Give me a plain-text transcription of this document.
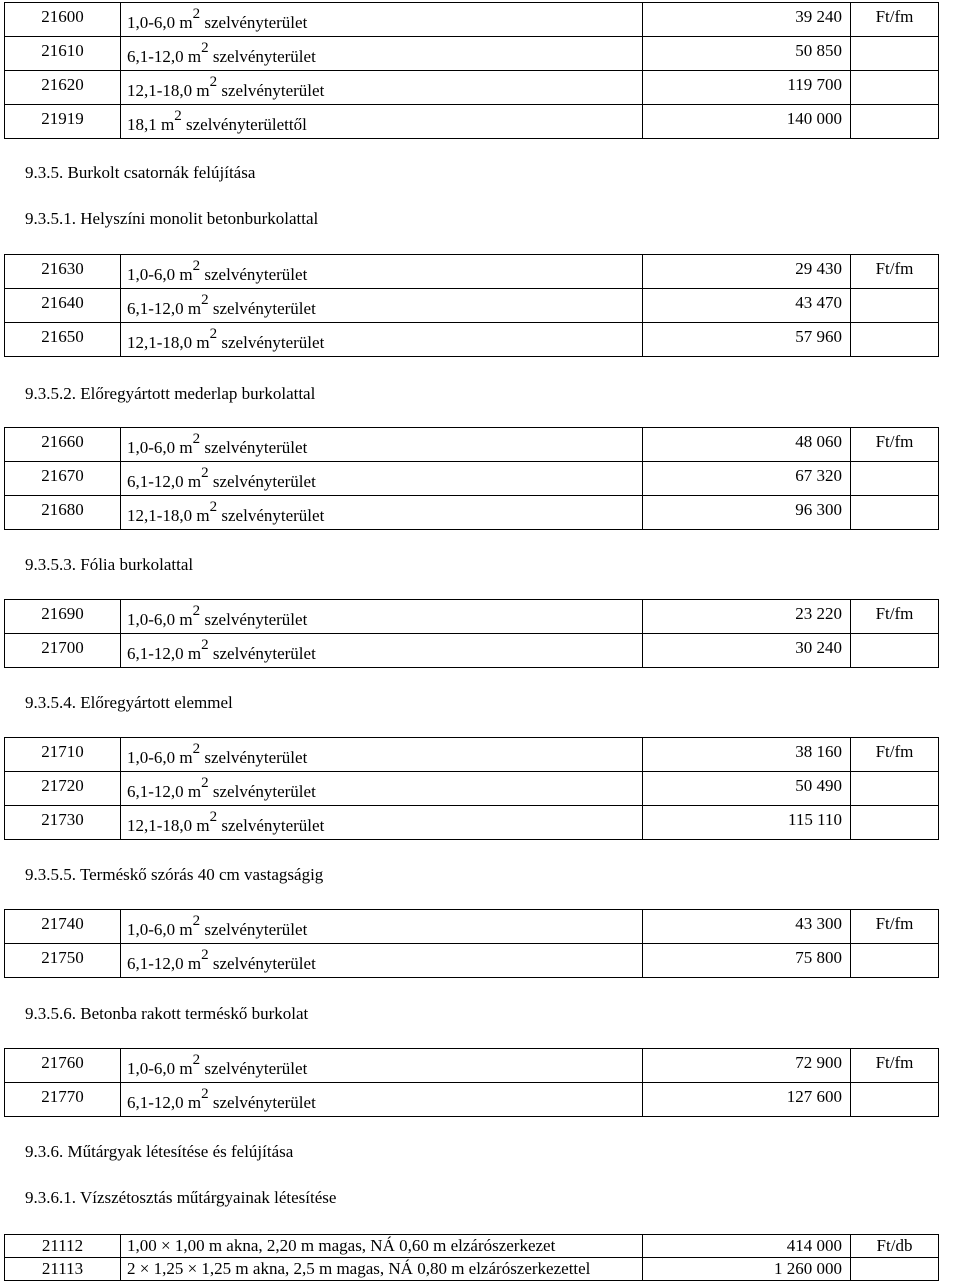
21600	1,0-6,0 $m^2$ szelvényterület	39 240	Ft/fm

21610	6,1-12,0 $m^2$ szelvényterület	50 850	

21620	12,1-18,0 $m^2$ szelvényterület	119 700	

21919	18,1 $m^2$ szelvényterülettől	140 000	

9.3.5. Burkolt csatornák felújítása
9.3.5.1. Helyszíni monolit betonburkolattal
21630	1,0-6,0 $m^2$ szelvényterület	29 430	Ft/fm

21640	6,1-12,0 $m^2$ szelvényterület	43 470	

21650	12,1-18,0 $m^2$ szelvényterület	57 960	

9.3.5.2. Előregyártott mederlap burkolattal
21660	1,0-6,0 $m^2$ szelvényterület	48 060	Ft/fm

21670	6,1-12,0 $m^2$ szelvényterület	67 320	

21680	12,1-18,0 $m^2$ szelvényterület	96 300	

9.3.5.3. Fólia burkolattal
21690	1,0-6,0 $m^2$ szelvényterület	23 220	Ft/fm

21700	6,1-12,0 $m^2$ szelvényterület	30 240	

9.3.5.4. Előregyártott elemmel
21710	1,0-6,0 $m^2$ szelvényterület	38 160	Ft/fm

21720	6,1-12,0 $m^2$ szelvényterület	50 490	

21730	12,1-18,0 $m^2$ szelvényterület	115 110	

9.3.5.5. Terméskő szórás 40 cm vastagságig
21740	1,0-6,0 $m^2$ szelvényterület	43 300	Ft/fm

21750	6,1-12,0 $m^2$ szelvényterület	75 800	

9.3.5.6. Betonba rakott terméskő burkolat
21760	1,0-6,0 $m^2$ szelvényterület	72 900	Ft/fm

21770	6,1-12,0 $m^2$ szelvényterület	127 600	

9.3.6. Műtárgyak létesítése és felújítása
9.3.6.1. Vízszétosztás műtárgyainak létesítése
21112	1,00 × 1,00 m akna, 2,20 m magas, NÁ 0,60 m elzárószerkezet	414 000	Ft/db

21113	2 × 1,25 × 1,25 m akna, 2,5 m magas, NÁ 0,80 m elzárószerkezettel	1 260 000	
